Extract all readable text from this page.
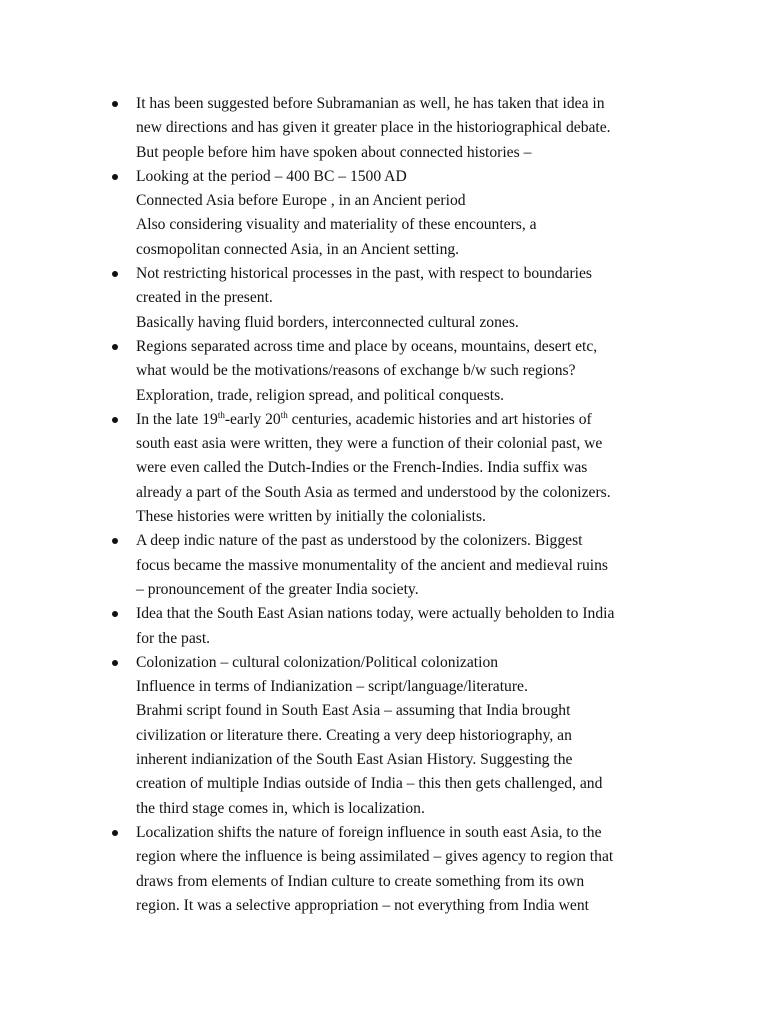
It has been suggested before Subramanian as well, he has taken that idea in
new directions and has given it greater place in the historiographical debate.
But people before him have spoken about connected histories –
Looking at the period – 400 BC – 1500 AD
Connected Asia before Europe , in an Ancient period
Also considering visuality and materiality of these encounters, a
cosmopolitan connected Asia, in an Ancient setting.
Not restricting historical processes in the past, with respect to boundaries
created in the present.
Basically having fluid borders, interconnected cultural zones.
Regions separated across time and place by oceans, mountains, desert etc,
what would be the motivations/reasons of exchange b/w such regions?
Exploration, trade, religion spread, and political conquests.
In the late 19th-early 20th centuries, academic histories and art histories of
south east asia were written, they were a function of their colonial past, we
were even called the Dutch-Indies or the French-Indies. India suffix was
already a part of the South Asia as termed and understood by the colonizers.
These histories were written by initially the colonialists.
A deep indic nature of the past as understood by the colonizers. Biggest
focus became the massive monumentality of the ancient and medieval ruins
– pronouncement of the greater India society.
Idea that the South East Asian nations today, were actually beholden to India
for the past.
Colonization – cultural colonization/Political colonization
Influence in terms of Indianization – script/language/literature.
Brahmi script found in South East Asia – assuming that India brought
civilization or literature there. Creating a very deep historiography, an
inherent indianization of the South East Asian History. Suggesting the
creation of multiple Indias outside of India – this then gets challenged, and
the third stage comes in, which is localization.
Localization shifts the nature of foreign influence in south east Asia, to the
region where the influence is being assimilated – gives agency to region that
draws from elements of Indian culture to create something from its own
region. It was a selective appropriation – not everything from India went
